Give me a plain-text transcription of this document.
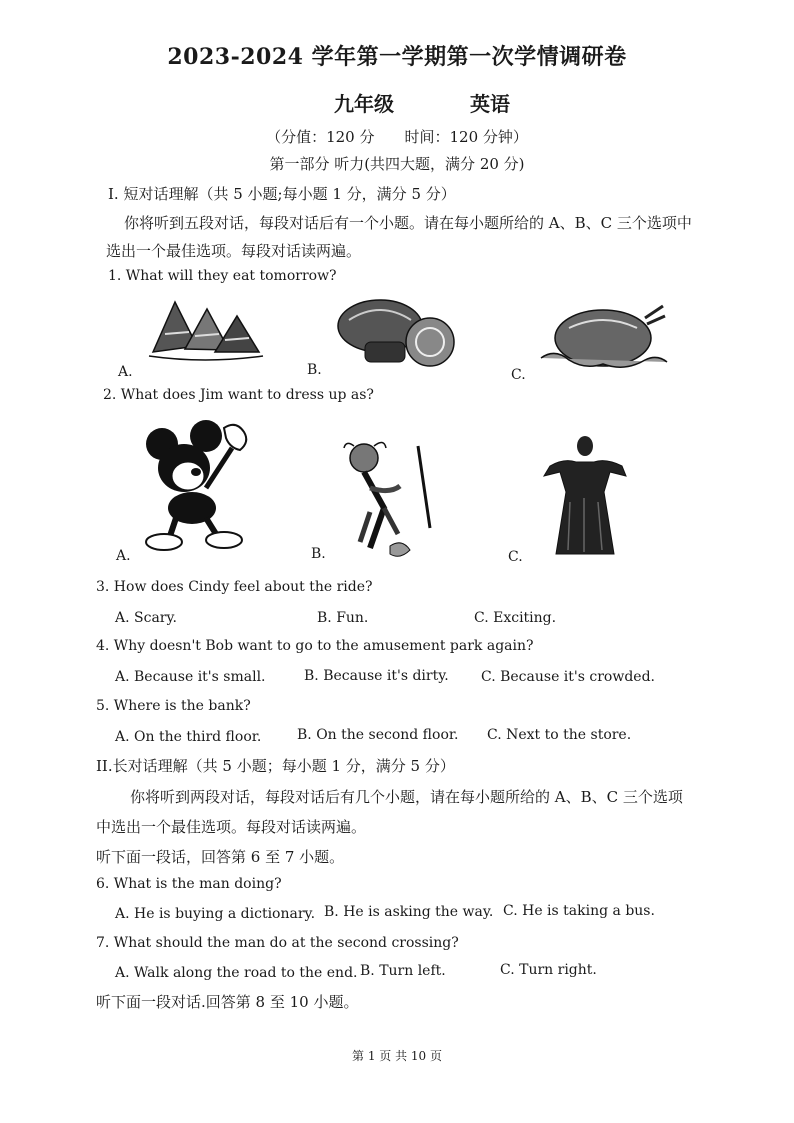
2023-2024 学年第一学期第一次学情调研卷
九年级	英语
（分值：120 分　　时间：120 分钟）
第一部分 听力(共四大题，满分 20 分)
I. 短对话理解（共 5 小题;每小题 1 分，满分 5 分）
你将听到五段对话，每段对话后有一个小题。请在每小题所给的 A、B、C 三个选项中
选出一个最佳选项。每段对话读两遍。
1. What will they eat tomorrow?
A.	B.	C.
2. What does Jim want to dress up as?
A.	B.	C.
3. How does Cindy feel about the ride?
A. Scary.	B. Fun.	C. Exciting.
4. Why doesn't Bob want to go to the amusement park again?
A. Because it's small.	B. Because it's dirty. C. Because it's crowded.
5. Where is the bank?
A. On the third floor.	B. On the second floor. C. Next to the store.
II.长对话理解（共 5 小题；每小题 1 分，满分 5 分）
你将听到两段对话，每段对话后有几个小题，请在每小题所给的 A、B、C 三个选项
中选出一个最佳选项。每段对话读两遍。
听下面一段话，回答第 6 至 7 小题。
6. What is the man doing?
A. He is buying a dictionary. B. He is asking the way. C. He is taking a bus.
7. What should the man do at the second crossing?
A. Walk along the road to the end. B. Turn left.	C. Turn right.
听下面一段对话.回答第 8 至 10 小题。
第 1 页 共 10 页
